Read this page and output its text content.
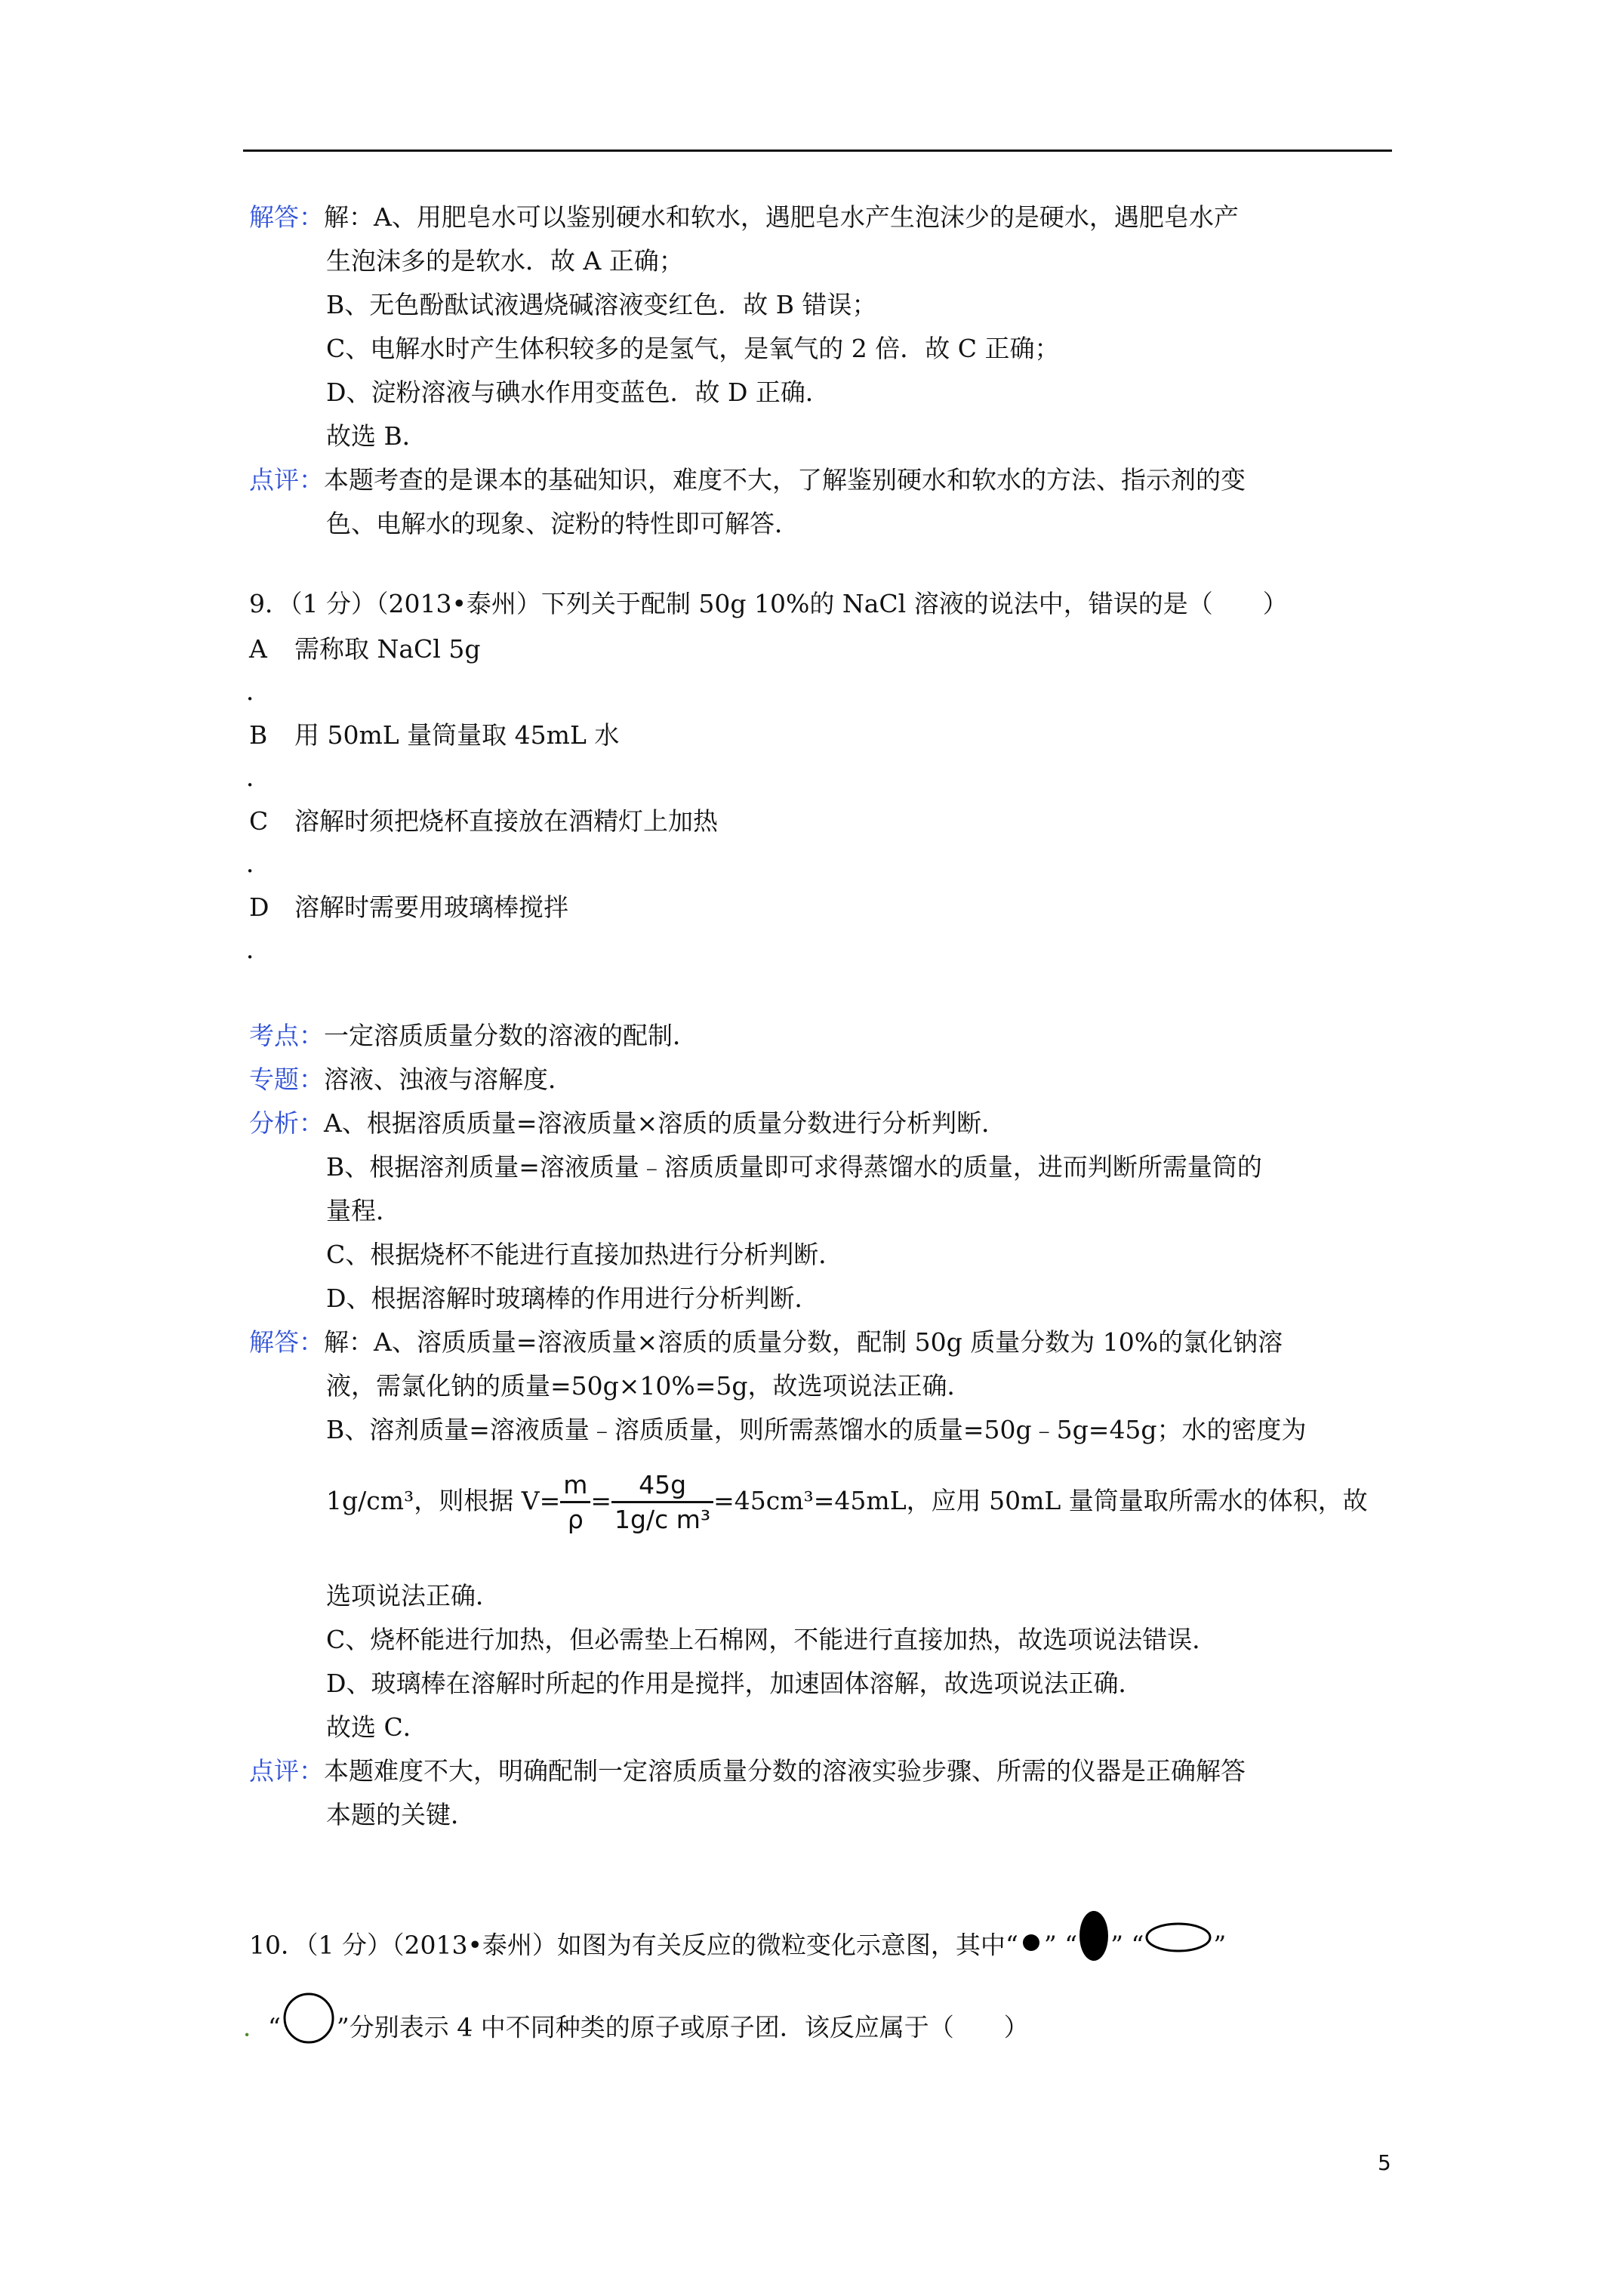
解答：解：A、用肥皂水可以鉴别硬水和软水，遇肥皂水产生泡沫少的是硬水，遇肥皂水产
生泡沫多的是软水．故 A 正确；
B、无色酚酞试液遇烧碱溶液变红色．故 B 错误；
C、电解水时产生体积较多的是氢气，是氧气的 2 倍．故 C 正确；
D、淀粉溶液与碘水作用变蓝色．故 D 正确．
故选 B．
点评：本题考查的是课本的基础知识，难度不大，了解鉴别硬水和软水的方法、指示剂的变
色、电解水的现象、淀粉的特性即可解答．
9．（1 分）（2013•泰州）下列关于配制 50g 10%的 NaCl 溶液的说法中，错误的是（　　）
A 需称取 NaCl 5g
．
B 用 50mL 量筒量取 45mL 水
．
C 溶解时须把烧杯直接放在酒精灯上加热
．
D 溶解时需要用玻璃棒搅拌
．
考点：一定溶质质量分数的溶液的配制．
专题：溶液、浊液与溶解度．
分析：A、根据溶质质量=溶液质量×溶质的质量分数进行分析判断．
B、根据溶剂质量=溶液质量﹣溶质质量即可求得蒸馏水的质量，进而判断所需量筒的
量程．
C、根据烧杯不能进行直接加热进行分析判断．
D、根据溶解时玻璃棒的作用进行分析判断．
解答：解：A、溶质质量=溶液质量×溶质的质量分数，配制 50g 质量分数为 10%的氯化钠溶
液，需氯化钠的质量=50g×10%=5g，故选项说法正确．
B、溶剂质量=溶液质量﹣溶质质量，则所需蒸馏水的质量=50g﹣5g=45g；水的密度为
1g/cm³，则根据 $V= \frac{m}{\rho} = \frac{45g}{\text{1g/c m³}} =45cm^3=45mL$，应用 50mL 量筒量取所需水的体积，故
选项说法正确．
C、烧杯能进行加热，但必需垫上石棉网，不能进行直接加热，故选项说法错误．
D、玻璃棒在溶解时所起的作用是搅拌，加速固体溶解，故选项说法正确．
故选 C．
点评：本题难度不大，明确配制一定溶质质量分数的溶液实验步骤、所需的仪器是正确解答
本题的关键．
10．（1 分）（2013•泰州）如图为有关反应的微粒变化示意图，其中“ ” “ ” “	”
．“ ”分别表示 4 中不同种类的原子或原子团．该反应属于（　　）
5
